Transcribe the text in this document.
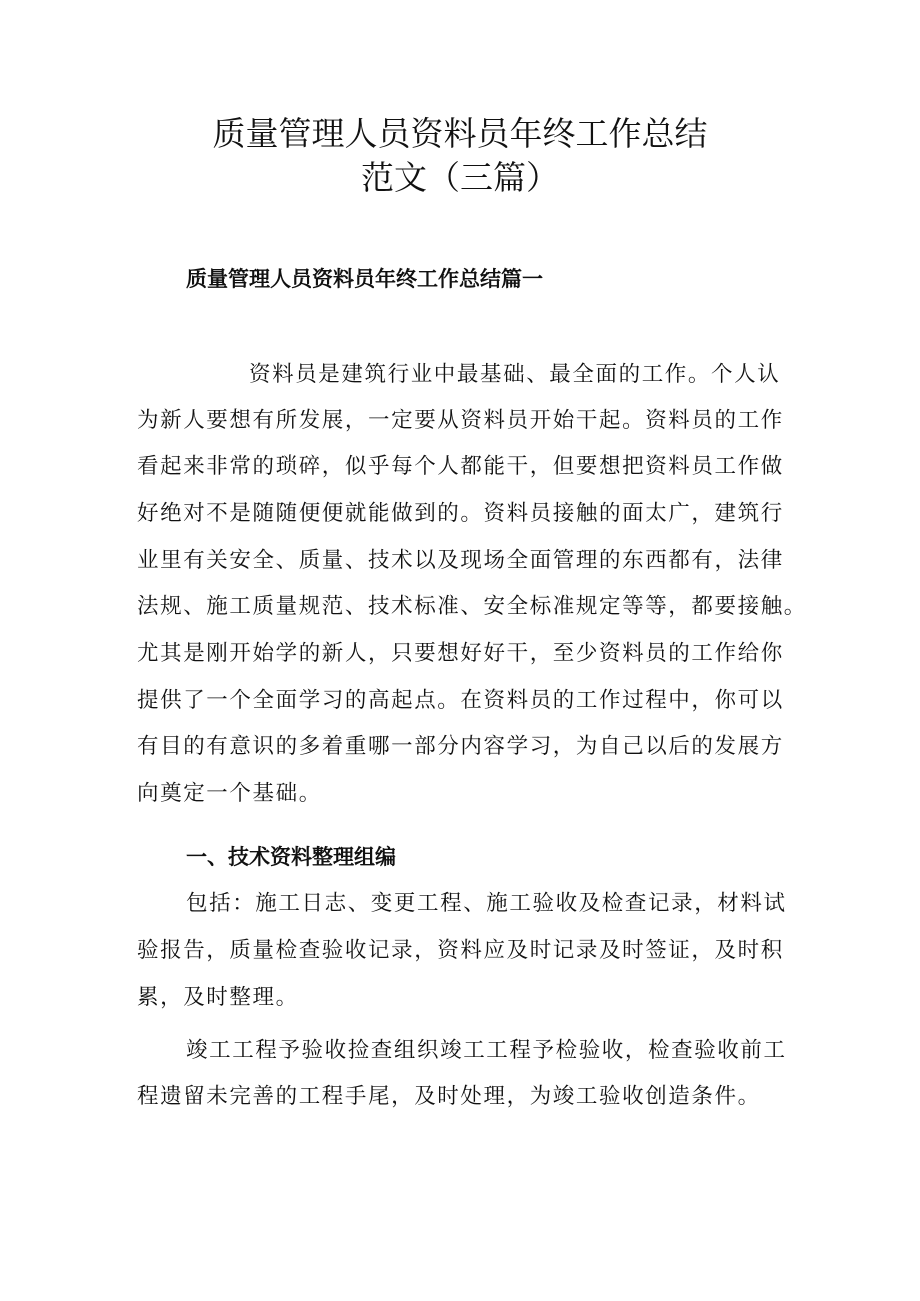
质量管理人员资料员年终工作总结
范文（三篇）
质量管理人员资料员年终工作总结篇一
资料员是建筑行业中最基础、最全面的工作。个人认
为新人要想有所发展，一定要从资料员开始干起。资料员的工作
看起来非常的琐碎，似乎每个人都能干，但要想把资料员工作做
好绝对不是随随便便就能做到的。资料员接触的面太广，建筑行
业里有关安全、质量、技术以及现场全面管理的东西都有，法律
法规、施工质量规范、技术标准、安全标准规定等等，都要接触。
尤其是刚开始学的新人，只要想好好干，至少资料员的工作给你
提供了一个全面学习的高起点。在资料员的工作过程中，你可以
有目的有意识的多着重哪一部分内容学习，为自己以后的发展方
向奠定一个基础。
一、技术资料整理组编
包括：施工日志、变更工程、施工验收及检查记录，材料试
验报告，质量检查验收记录，资料应及时记录及时签证，及时积
累，及时整理。
竣工工程予验收捡查组织竣工工程予检验收，检查验收前工
程遗留未完善的工程手尾，及时处理，为竣工验收创造条件。
